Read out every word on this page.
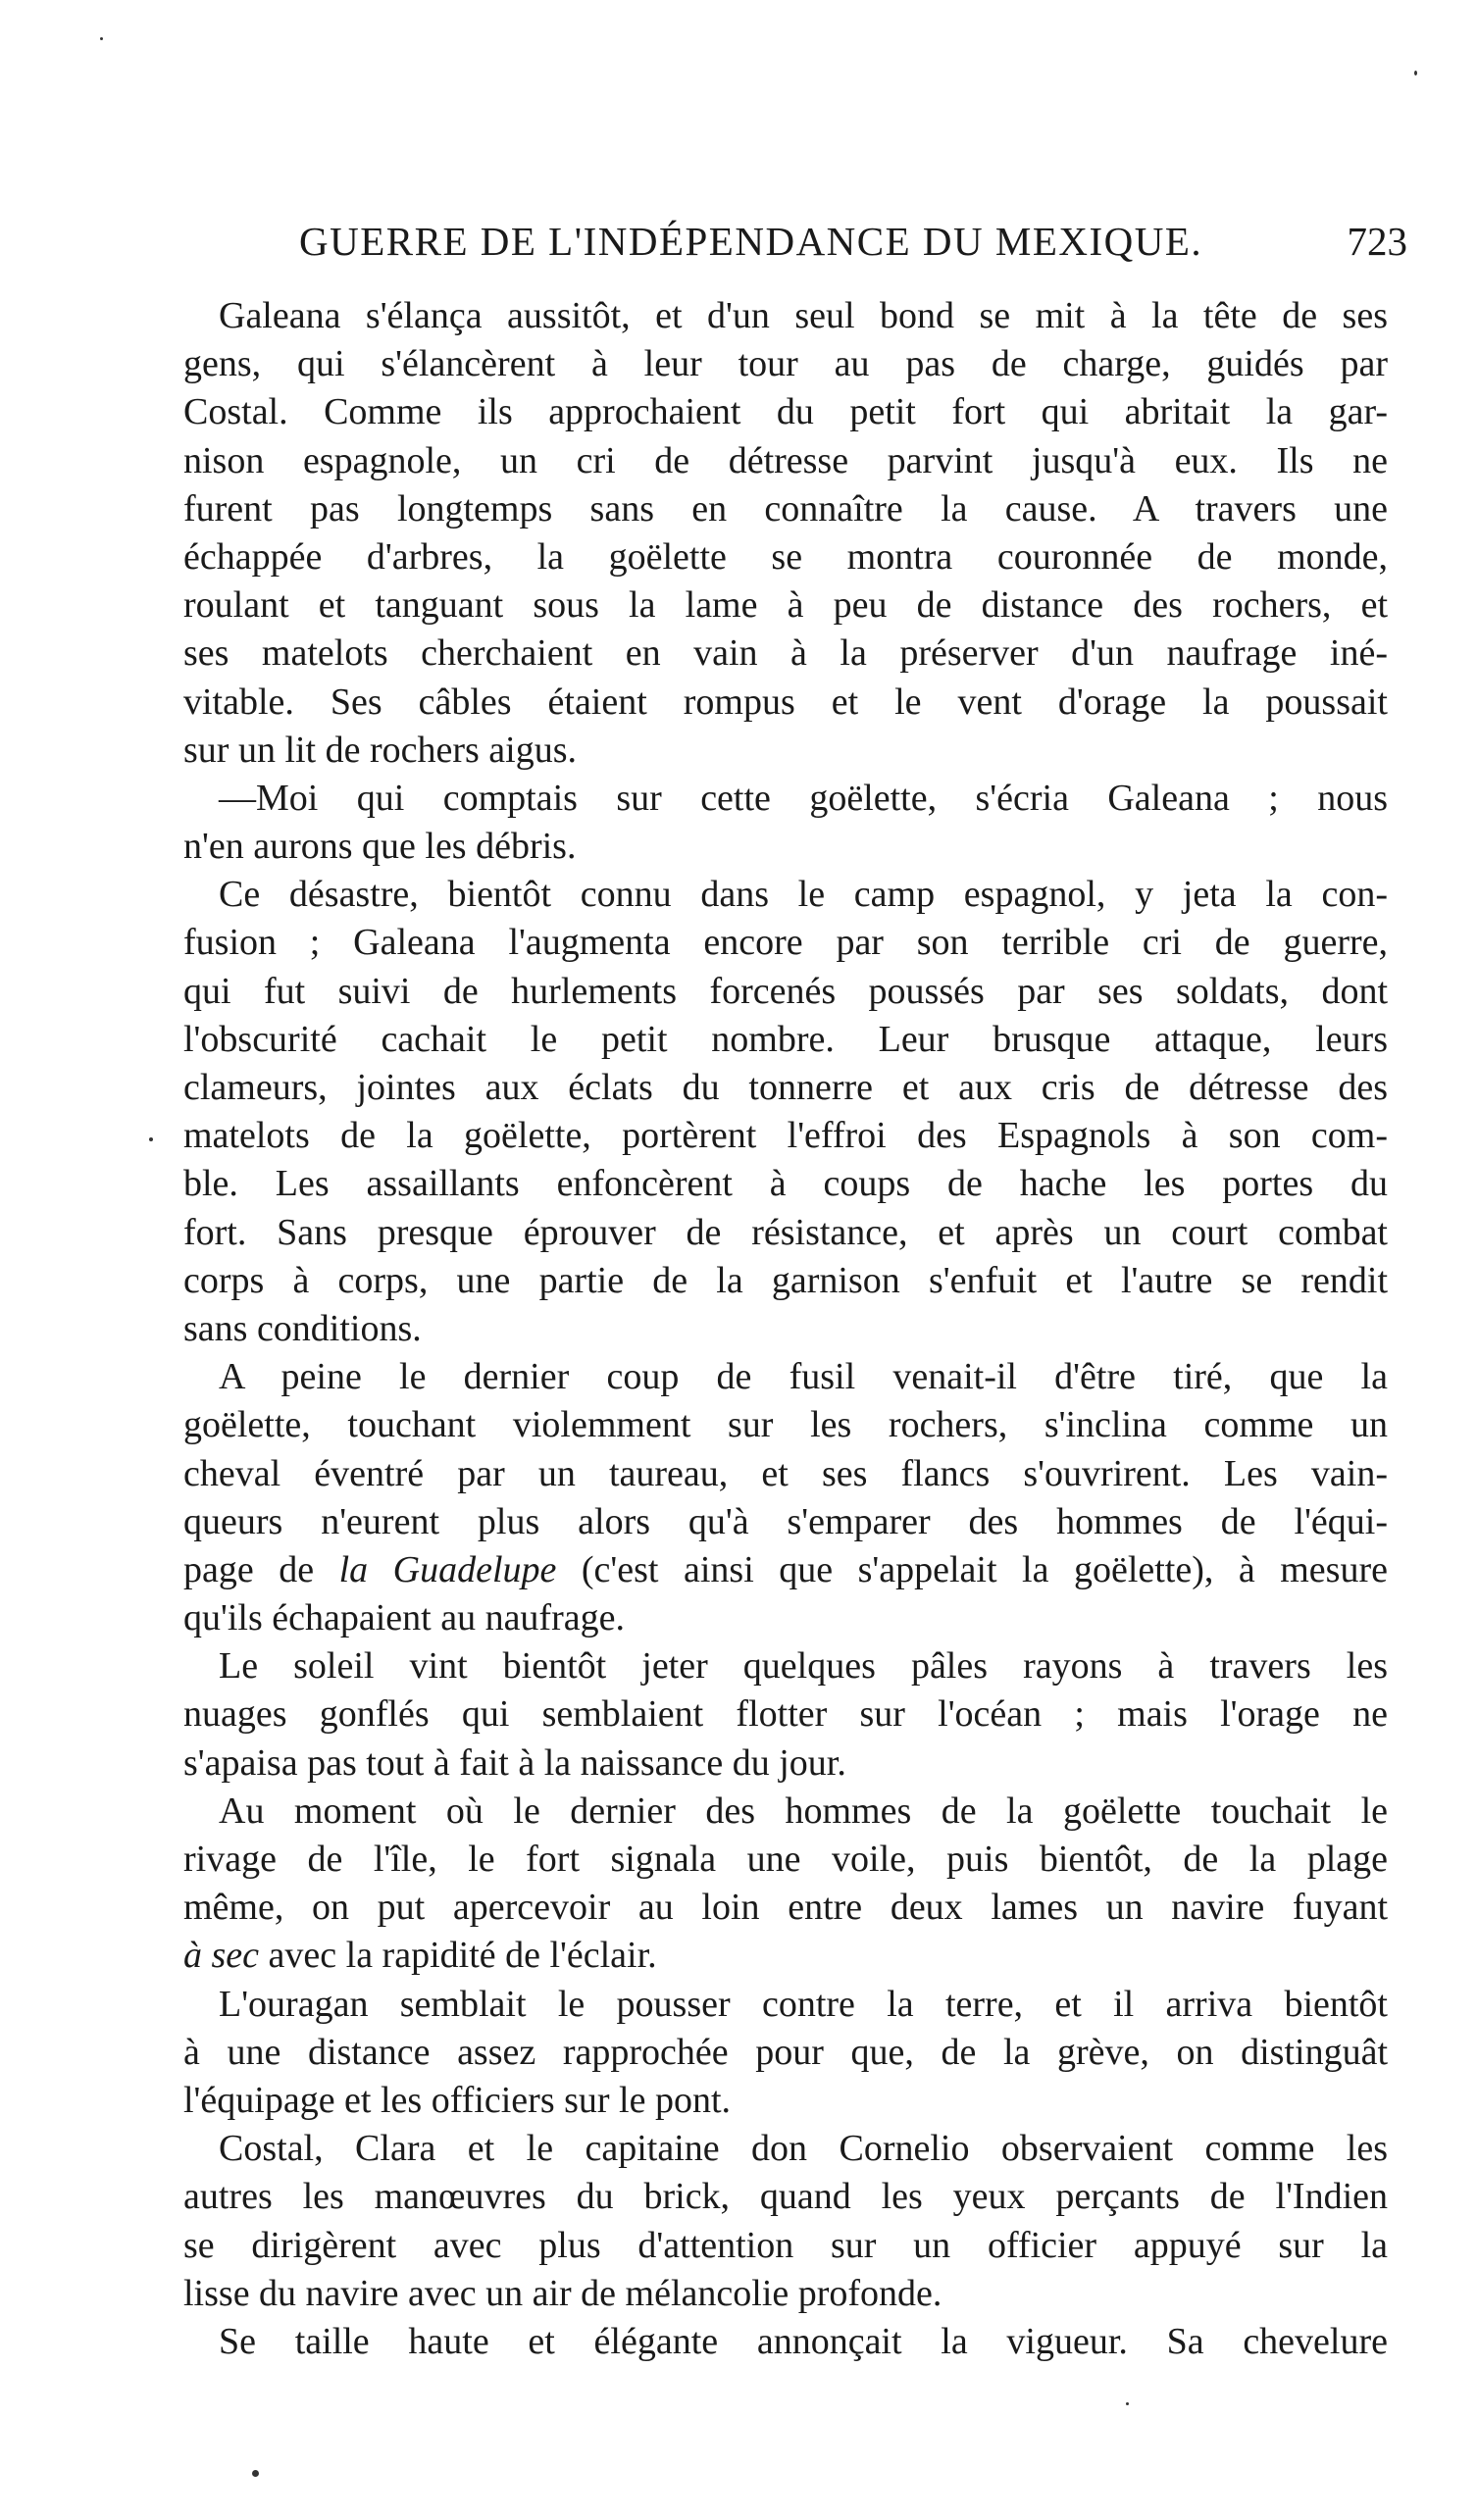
GUERRE DE L'INDÉPENDANCE DU MEXIQUE.	723
Galeana s'élança aussitôt, et d'un seul bond se mit à la tête de ses
gens, qui s'élancèrent à leur tour au pas de charge, guidés par
Costal. Comme ils approchaient du petit fort qui abritait la gar-
nison espagnole, un cri de détresse parvint jusqu'à eux. Ils ne
furent pas longtemps sans en connaître la cause. A travers une
échappée d'arbres, la goëlette se montra couronnée de monde,
roulant et tanguant sous la lame à peu de distance des rochers, et
ses matelots cherchaient en vain à la préserver d'un naufrage iné-
vitable. Ses câbles étaient rompus et le vent d'orage la poussait
sur un lit de rochers aigus.
—Moi qui comptais sur cette goëlette, s'écria Galeana ; nous
n'en aurons que les débris.
Ce désastre, bientôt connu dans le camp espagnol, y jeta la con-
fusion ; Galeana l'augmenta encore par son terrible cri de guerre,
qui fut suivi de hurlements forcenés poussés par ses soldats, dont
l'obscurité cachait le petit nombre. Leur brusque attaque, leurs
clameurs, jointes aux éclats du tonnerre et aux cris de détresse des
matelots de la goëlette, portèrent l'effroi des Espagnols à son com-
ble. Les assaillants enfoncèrent à coups de hache les portes du
fort. Sans presque éprouver de résistance, et après un court combat
corps à corps, une partie de la garnison s'enfuit et l'autre se rendit
sans conditions.
A peine le dernier coup de fusil venait-il d'être tiré, que la
goëlette, touchant violemment sur les rochers, s'inclina comme un
cheval éventré par un taureau, et ses flancs s'ouvrirent. Les vain-
queurs n'eurent plus alors qu'à s'emparer des hommes de l'équi-
page de la Guadelupe (c'est ainsi que s'appelait la goëlette), à mesure
qu'ils échapaient au naufrage.
Le soleil vint bientôt jeter quelques pâles rayons à travers les
nuages gonflés qui semblaient flotter sur l'océan ; mais l'orage ne
s'apaisa pas tout à fait à la naissance du jour.
Au moment où le dernier des hommes de la goëlette touchait le
rivage de l'île, le fort signala une voile, puis bientôt, de la plage
même, on put apercevoir au loin entre deux lames un navire fuyant
à sec avec la rapidité de l'éclair.
L'ouragan semblait le pousser contre la terre, et il arriva bientôt
à une distance assez rapprochée pour que, de la grève, on distinguât
l'équipage et les officiers sur le pont.
Costal, Clara et le capitaine don Cornelio observaient comme les
autres les manœuvres du brick, quand les yeux perçants de l'Indien
se dirigèrent avec plus d'attention sur un officier appuyé sur la
lisse du navire avec un air de mélancolie profonde.
Se taille haute et élégante annonçait la vigueur. Sa chevelure
